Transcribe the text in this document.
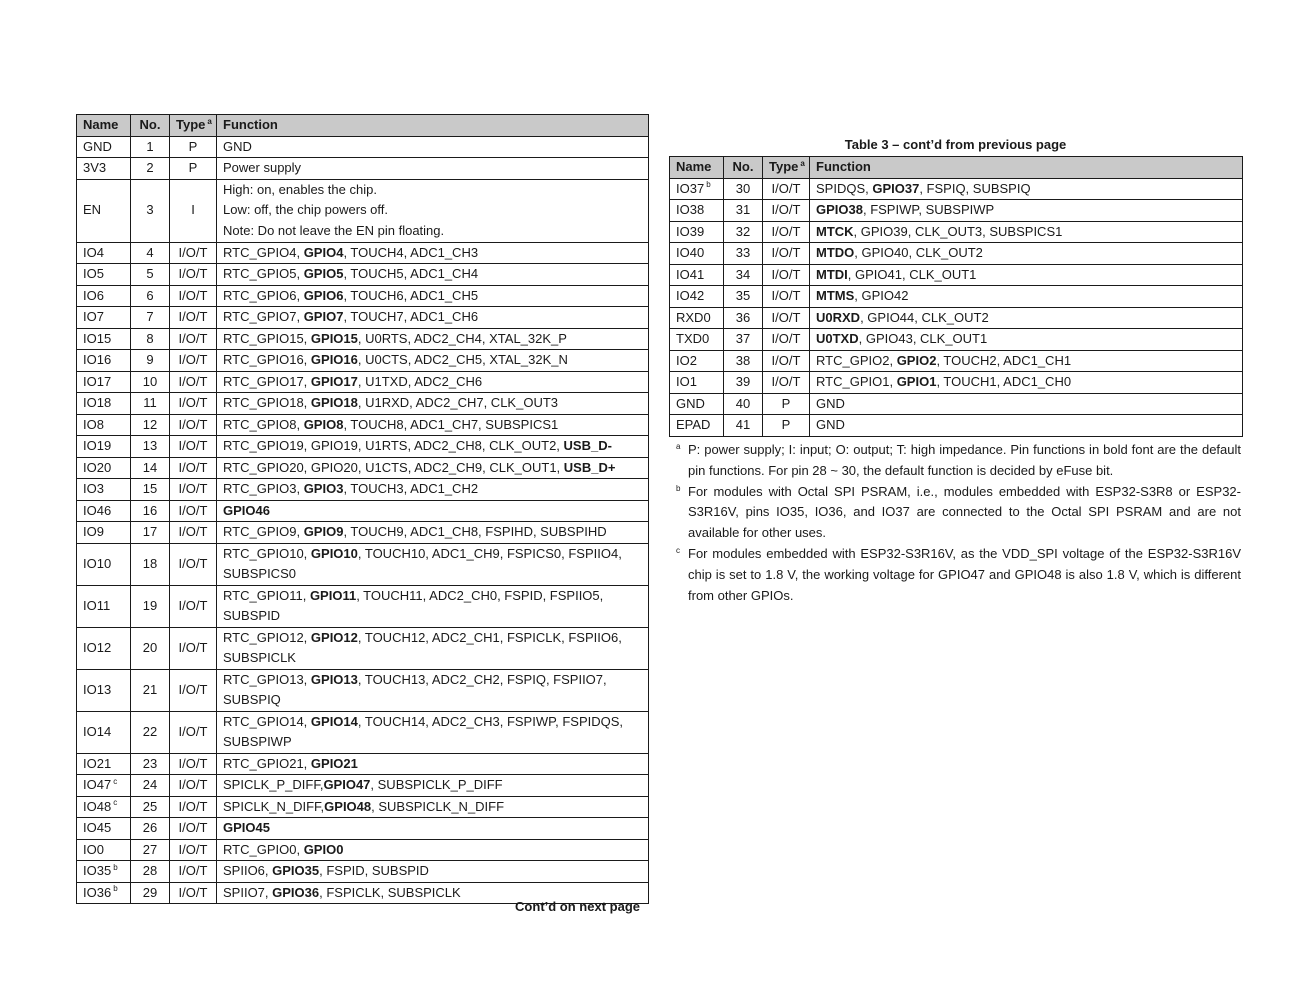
Name	No.	Type $^a$	Function
GND	1	P	GND
3V3	2	P	Power supply
EN	3	I	High: on, enables the chip.
Low: off, the chip powers off.
Note: Do not leave the EN pin floating.

IO4	4	I/O/T	RTC_GPIO4, GPIO4, TOUCH4, ADC1_CH3
IO5	5	I/O/T	RTC_GPIO5, GPIO5, TOUCH5, ADC1_CH4
IO6	6	I/O/T	RTC_GPIO6, GPIO6, TOUCH6, ADC1_CH5
IO7	7	I/O/T	RTC_GPIO7, GPIO7, TOUCH7, ADC1_CH6
IO15	8	I/O/T	RTC_GPIO15, GPIO15, U0RTS, ADC2_CH4, XTAL_32K_P
IO16	9	I/O/T	RTC_GPIO16, GPIO16, U0CTS, ADC2_CH5, XTAL_32K_N
IO17	10	I/O/T	RTC_GPIO17, GPIO17, U1TXD, ADC2_CH6
IO18	11	I/O/T	RTC_GPIO18, GPIO18, U1RXD, ADC2_CH7, CLK_OUT3
IO8	12	I/O/T	RTC_GPIO8, GPIO8, TOUCH8, ADC1_CH7, SUBSPICS1
IO19	13	I/O/T	RTC_GPIO19, GPIO19, U1RTS, ADC2_CH8, CLK_OUT2, USB_D-
IO20	14	I/O/T	RTC_GPIO20, GPIO20, U1CTS, ADC2_CH9, CLK_OUT1, USB_D+
IO3	15	I/O/T	RTC_GPIO3, GPIO3, TOUCH3, ADC1_CH2
IO46	16	I/O/T	GPIO46
IO9	17	I/O/T	RTC_GPIO9, GPIO9, TOUCH9, ADC1_CH8, FSPIHD, SUBSPIHD
IO10	18	I/O/T	RTC_GPIO10, GPIO10, TOUCH10, ADC1_CH9, FSPICS0, FSPIIO4, SUBSPICS0
IO11	19	I/O/T	RTC_GPIO11, GPIO11, TOUCH11, ADC2_CH0, FSPID, FSPIIO5, SUBSPID
IO12	20	I/O/T	RTC_GPIO12, GPIO12, TOUCH12, ADC2_CH1, FSPICLK, FSPIIO6, SUBSPICLK
IO13	21	I/O/T	RTC_GPIO13, GPIO13, TOUCH13, ADC2_CH2, FSPIQ, FSPIIO7, SUBSPIQ
IO14	22	I/O/T	RTC_GPIO14, GPIO14, TOUCH14, ADC2_CH3, FSPIWP, FSPIDQS, SUBSPIWP
IO21	23	I/O/T	RTC_GPIO21, GPIO21
IO47 $^c$	24	I/O/T	SPICLK_P_DIFF,GPIO47, SUBSPICLK_P_DIFF
IO48 $^c$	25	I/O/T	SPICLK_N_DIFF,GPIO48, SUBSPICLK_N_DIFF
IO45	26	I/O/T	GPIO45
IO0	27	I/O/T	RTC_GPIO0, GPIO0
IO35 $^b$	28	I/O/T	SPIIO6, GPIO35, FSPID, SUBSPID
IO36 $^b$	29	I/O/T	SPIIO7, GPIO36, FSPICLK, SUBSPICLK
Cont’d on next page
Table 3 – cont’d from previous page
Name	No.	Type $^a$	Function
IO37 $^b$	30	I/O/T	SPIDQS, GPIO37, FSPIQ, SUBSPIQ
IO38	31	I/O/T	GPIO38, FSPIWP, SUBSPIWP
IO39	32	I/O/T	MTCK, GPIO39, CLK_OUT3, SUBSPICS1
IO40	33	I/O/T	MTDO, GPIO40, CLK_OUT2
IO41	34	I/O/T	MTDI, GPIO41, CLK_OUT1
IO42	35	I/O/T	MTMS, GPIO42
RXD0	36	I/O/T	U0RXD, GPIO44, CLK_OUT2
TXD0	37	I/O/T	U0TXD, GPIO43, CLK_OUT1
IO2	38	I/O/T	RTC_GPIO2, GPIO2, TOUCH2, ADC1_CH1
IO1	39	I/O/T	RTC_GPIO1, GPIO1, TOUCH1, ADC1_CH0
GND	40	P	GND
EPAD	41	P	GND

a P: power supply; I: input; O: output; T: high impedance. Pin functions in bold font are the default pin functions. For pin 28 ~ 30, the default function is decided by eFuse bit.

b For modules with Octal SPI PSRAM, i.e., modules embedded with ESP32-S3R8 or ESP32-S3R16V, pins IO35, IO36, and IO37 are connected to the Octal SPI PSRAM and are not available for other uses.

c For modules embedded with ESP32-S3R16V, as the VDD_SPI voltage of the ESP32-S3R16V chip is set to 1.8 V, the working voltage for GPIO47 and GPIO48 is also 1.8 V, which is different from other GPIOs.
